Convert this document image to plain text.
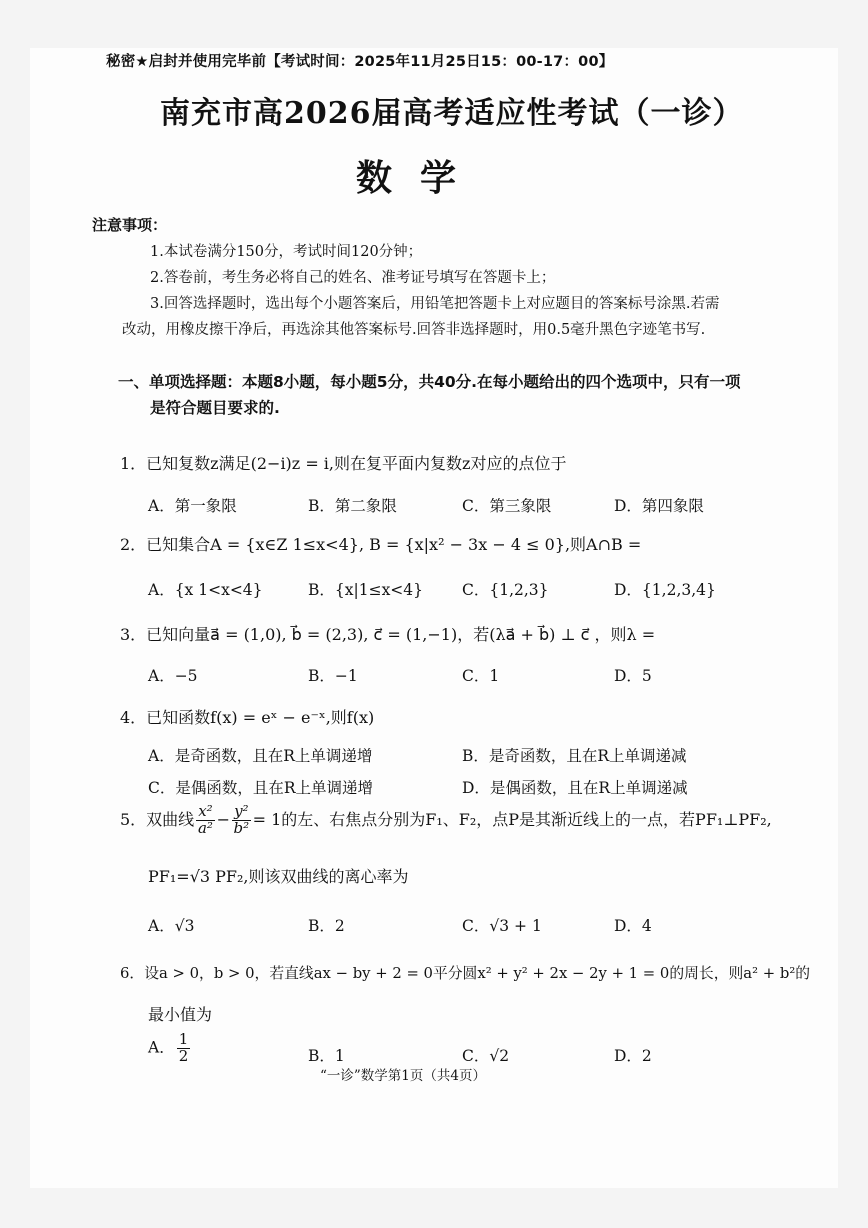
秘密★启封并使用完毕前【考试时间：2025年11月25日15：00-17：00】
南充市高2026届高考适应性考试（一诊）
数学
注意事项：
1.本试卷满分150分，考试时间120分钟；
2.答卷前，考生务必将自己的姓名、准考证号填写在答题卡上；
3.回答选择题时，选出每个小题答案后，用铅笔把答题卡上对应题目的答案标号涂黑.若需
改动，用橡皮擦干净后，再选涂其他答案标号.回答非选择题时，用0.5毫升黑色字迹笔书写.
一、单项选择题：本题8小题，每小题5分，共40分.在每小题给出的四个选项中，只有一项
是符合题目要求的.
1．已知复数z满足(2−i)z = i,则在复平面内复数z对应的点位于
A．第一象限	B．第二象限	C．第三象限	D．第四象限
2．已知集合A = {x∈Z 1≤x<4}, B = {x|x² − 3x − 4 ≤ 0},则A∩B =
A．{x 1<x<4}	B．{x|1≤x<4}	C．{1,2,3}	D．{1,2,3,4}
3．已知向量a⃗ = (1,0), b⃗ = (2,3), c⃗ = (1,−1)，若(λa⃗ + b⃗) ⊥ c⃗ ，则λ =
A．−5	B．−1	C．1	D．5
4．已知函数f(x) = eˣ − e⁻ˣ,则f(x)
A．是奇函数，且在R上单调递增	B．是奇函数，且在R上单调递减
C．是偶函数，且在R上单调递增	D．是偶函数，且在R上单调递减
5．双曲线 $\frac{\text{x²}}{\text{a²}} - \frac{\text{y²}}{\text{b²}} = 1$的左、右焦点分别为F₁、F₂，点P是其渐近线上的一点，若PF₁⊥PF₂,
PF₁=√3 PF₂,则该双曲线的离心率为
A．√3	B．2	C．√3 + 1	D．4
6．设a > 0，b > 0，若直线ax − by + 2 = 0平分圆x² + y² + 2x − 2y + 1 = 0的周长，则a² + b²的
最小值为
A． $\frac{1}{2}$	B．1	C．√2	D．2
“一诊”数学第1页（共4页）
